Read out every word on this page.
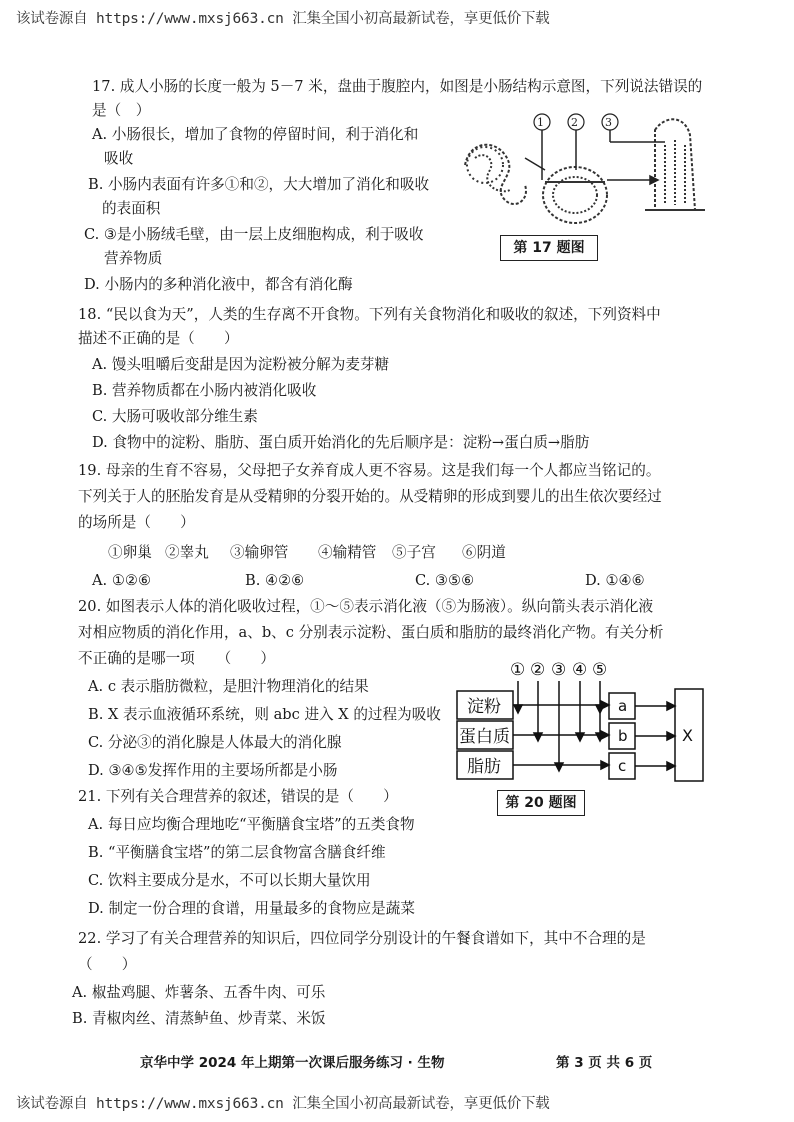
该试卷源自 https://www.mxsj663.cn 汇集全国小初高最新试卷，享更低价下载
17. 成人小肠的长度一般为 5－7 米，盘曲于腹腔内，如图是小肠结构示意图，下列说法错误的
是（　）
A. 小肠很长，增加了食物的停留时间，利于消化和
吸收
B. 小肠内表面有许多①和②，大大增加了消化和吸收
的表面积
C. ③是小肠绒毛壁，由一层上皮细胞构成，利于吸收
营养物质
D. 小肠内的多种消化液中，都含有消化酶
1 2 3
第 17 题图
18. “民以食为天”，人类的生存离不开食物。下列有关食物消化和吸收的叙述，下列资料中
描述不正确的是（　　）
A. 馒头咀嚼后变甜是因为淀粉被分解为麦芽糖
B. 营养物质都在小肠内被消化吸收
C. 大肠可吸收部分维生素
D. 食物中的淀粉、脂肪、蛋白质开始消化的先后顺序是：淀粉→蛋白质→脂肪
19. 母亲的生育不容易，父母把子女养育成人更不容易。这是我们每一个人都应当铭记的。
下列关于人的胚胎发育是从受精卵的分裂开始的。从受精卵的形成到婴儿的出生依次要经过
的场所是（　　）
①卵巢 ②睾丸 ③输卵管 ④输精管 ⑤子宫 ⑥阴道
A. ①②⑥	B. ④②⑥	C. ③⑤⑥	D. ①④⑥
20. 如图表示人体的消化吸收过程，①～⑤表示消化液（⑤为肠液）。纵向箭头表示消化液
对相应物质的消化作用，a、b、c 分别表示淀粉、蛋白质和脂肪的最终消化产物。有关分析
不正确的是哪一项　　（　　）
A. c 表示脂肪微粒，是胆汁物理消化的结果
B. X 表示血液循环系统，则 abc 进入 X 的过程为吸收
C. 分泌③的消化腺是人体最大的消化腺
D. ③④⑤发挥作用的主要场所都是小肠
① ② ③ ④ ⑤
淀粉
蛋白质
脂肪
a
b
c
X
第 20 题图
21. 下列有关合理营养的叙述，错误的是（　　）
A. 每日应均衡合理地吃“平衡膳食宝塔”的五类食物
B. “平衡膳食宝塔”的第二层食物富含膳食纤维
C. 饮料主要成分是水，不可以长期大量饮用
D. 制定一份合理的食谱，用量最多的食物应是蔬菜
22. 学习了有关合理营养的知识后，四位同学分别设计的午餐食谱如下，其中不合理的是
（　　）
A. 椒盐鸡腿、炸薯条、五香牛肉、可乐
B. 青椒肉丝、清蒸鲈鱼、炒青菜、米饭
京华中学 2024 年上期第一次课后服务练习 · 生物	第 3 页 共 6 页
该试卷源自 https://www.mxsj663.cn 汇集全国小初高最新试卷，享更低价下载
